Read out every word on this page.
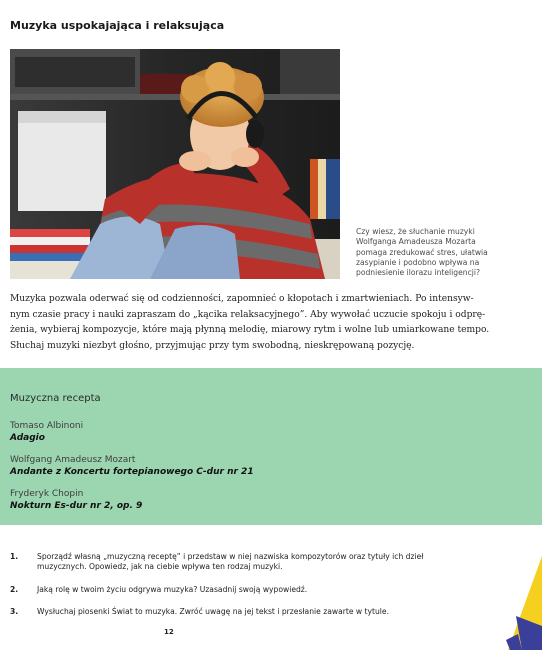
Muzyka uspokajająca i relaksująca
Czy wiesz, że słuchanie muzyki
Wolfganga Amadeusza Mozarta
pomaga zredukować stres, ułatwia
zasypianie i podobno wpływa na
podniesienie ilorazu inteligencji?
Muzyka pozwala oderwać się od codzienności, zapomnieć o kłopotach i zmartwieniach. Po intensyw-
nym czasie pracy i nauki zapraszam do „kącika relaksacyjnego”. Aby wywołać uczucie spokoju i odprę-
żenia, wybieraj kompozycje, które mają płynną melodię, miarowy rytm i wolne lub umiarkowane tempo.
Słuchaj muzyki niezbyt głośno, przyjmując przy tym swobodną, nieskrępowaną pozycję.
Muzyczna recepta
Tomaso Albinoni
Adagio
Wolfgang Amadeusz Mozart
Andante z Koncertu fortepianowego C-dur nr 21
Fryderyk Chopin
Nokturn Es-dur nr 2, op. 9
1. Sporządź własną „muzyczną receptę” i przedstaw w niej nazwiska kompozytorów oraz tytuły ich dzieł
muzycznych. Opowiedz, jak na ciebie wpływa ten rodzaj muzyki.
2. Jaką rolę w twoim życiu odgrywa muzyka? Uzasadnij swoją wypowiedź.
3. Wysłuchaj piosenki Świat to muzyka. Zwróć uwagę na jej tekst i przesłanie zawarte w tytule.
12
